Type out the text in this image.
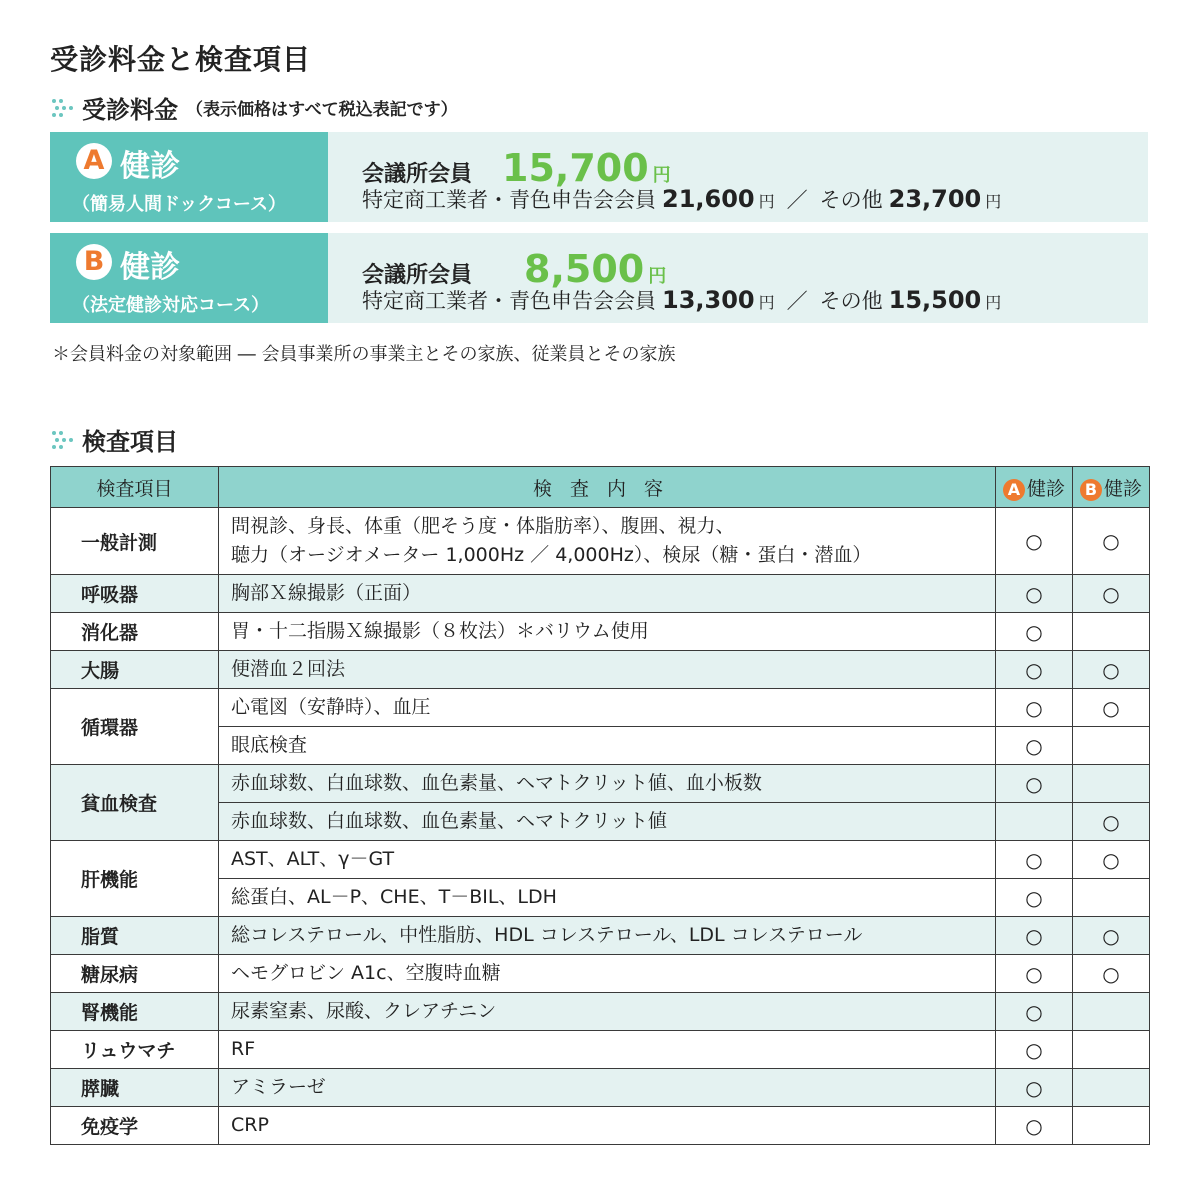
受診料金と検査項目
受診料金 （表示価格はすべて税込表記です）
A 健診
（簡易人間ドックコース）
会議所会員 15,700 円
特定商工業者・青色申告会会員 21,600 円 ／ その他 23,700 円
B 健診
（法定健診対応コース）
会議所会員 8,500 円
特定商工業者・青色申告会会員 13,300 円 ／ その他 15,500 円
＊会員料金の対象範囲 ― 会員事業所の事業主とその家族、従業員とその家族
検査項目
検査項目	検査内容	A 健診	B 健診
一般計測	問視診、身長、体重（肥そう度・体脂肪率）、腹囲、視力、
聴力（オージオメーター 1,000Hz ／ 4,000Hz）、検尿（糖・蛋白・潜血）	○	○
呼吸器	胸部Ｘ線撮影（正面）	○	○
消化器	胃・十二指腸Ｘ線撮影（８枚法）＊バリウム使用	○	
大腸	便潜血２回法	○	○
循環器	心電図（安静時）、血圧	○	○
	眼底検査	○	
貧血検査	赤血球数、白血球数、血色素量、ヘマトクリット値、血小板数	○	
	赤血球数、白血球数、血色素量、ヘマトクリット値		○
肝機能	AST、ALT、γ－GT	○	○
	総蛋白、AL－P、CHE、T－BIL、LDH	○	
脂質	総コレステロール、中性脂肪、HDL コレステロール、LDL コレステロール	○	○
糖尿病	ヘモグロビン A1c、空腹時血糖	○	○
腎機能	尿素窒素、尿酸、クレアチニン	○	
リュウマチ	RF	○	
膵臓	アミラーゼ	○	
免疫学	CRP	○	
